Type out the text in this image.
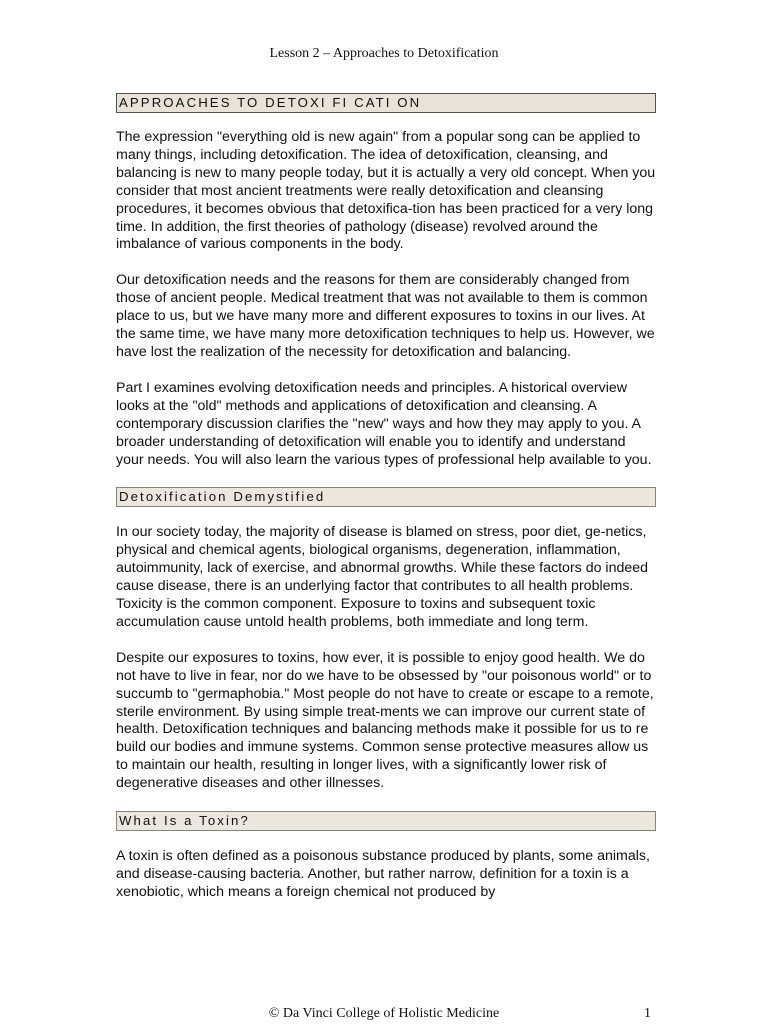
Lesson 2 – Approaches to Detoxification
APPROACHES TO DETOXI FI CATI ON

The expression "everything old is new again" from a popular song can be applied to many things, including detoxification. The idea of detoxification, cleansing, and balancing is new to many people today, but it is actually a very old concept. When you consider that most ancient treatments were really detoxification and cleansing procedures, it becomes obvious that detoxifica-tion has been practiced for a very long time. In addition, the first theories of pathology (disease) revolved around the imbalance of various components in the body.

Our detoxification needs and the reasons for them are considerably changed from those of ancient people. Medical treatment that was not available to them is common place to us, but we have many more and different exposures to toxins in our lives. At the same time, we have many more detoxification techniques to help us. However, we have lost the realization of the necessity for detoxification and balancing.

Part I examines evolving detoxification needs and principles. A historical overview looks at the "old" methods and applications of detoxification and cleansing. A contemporary discussion clarifies the "new" ways and how they may apply to you. A broader understanding of detoxification will enable you to identify and understand your needs. You will also learn the various types of professional help available to you.

Detoxification Demystified

In our society today, the majority of disease is blamed on stress, poor diet, ge-netics, physical and chemical agents, biological organisms, degeneration, inflammation, autoimmunity, lack of exercise, and abnormal growths. While these factors do indeed cause disease, there is an underlying factor that contributes to all health problems. Toxicity is the common component. Exposure to toxins and subsequent toxic accumulation cause untold health problems, both immediate and long term.

Despite our exposures to toxins, how ever, it is possible to enjoy good health. We do not have to live in fear, nor do we have to be obsessed by "our poisonous world" or to succumb to "germaphobia." Most people do not have to create or escape to a remote, sterile environment. By using simple treat-ments we can improve our current state of health. Detoxification techniques and balancing methods make it possible for us to re build our bodies and immune systems. Common sense protective measures allow us to maintain our health, resulting in longer lives, with a significantly lower risk of degenerative diseases and other illnesses.

What Is a Toxin?

A toxin is often defined as a poisonous substance produced by plants, some animals, and disease-causing bacteria. Another, but rather narrow, definition for a toxin is a xenobiotic, which means a foreign chemical not produced by

© Da Vinci College of Holistic Medicine	1
